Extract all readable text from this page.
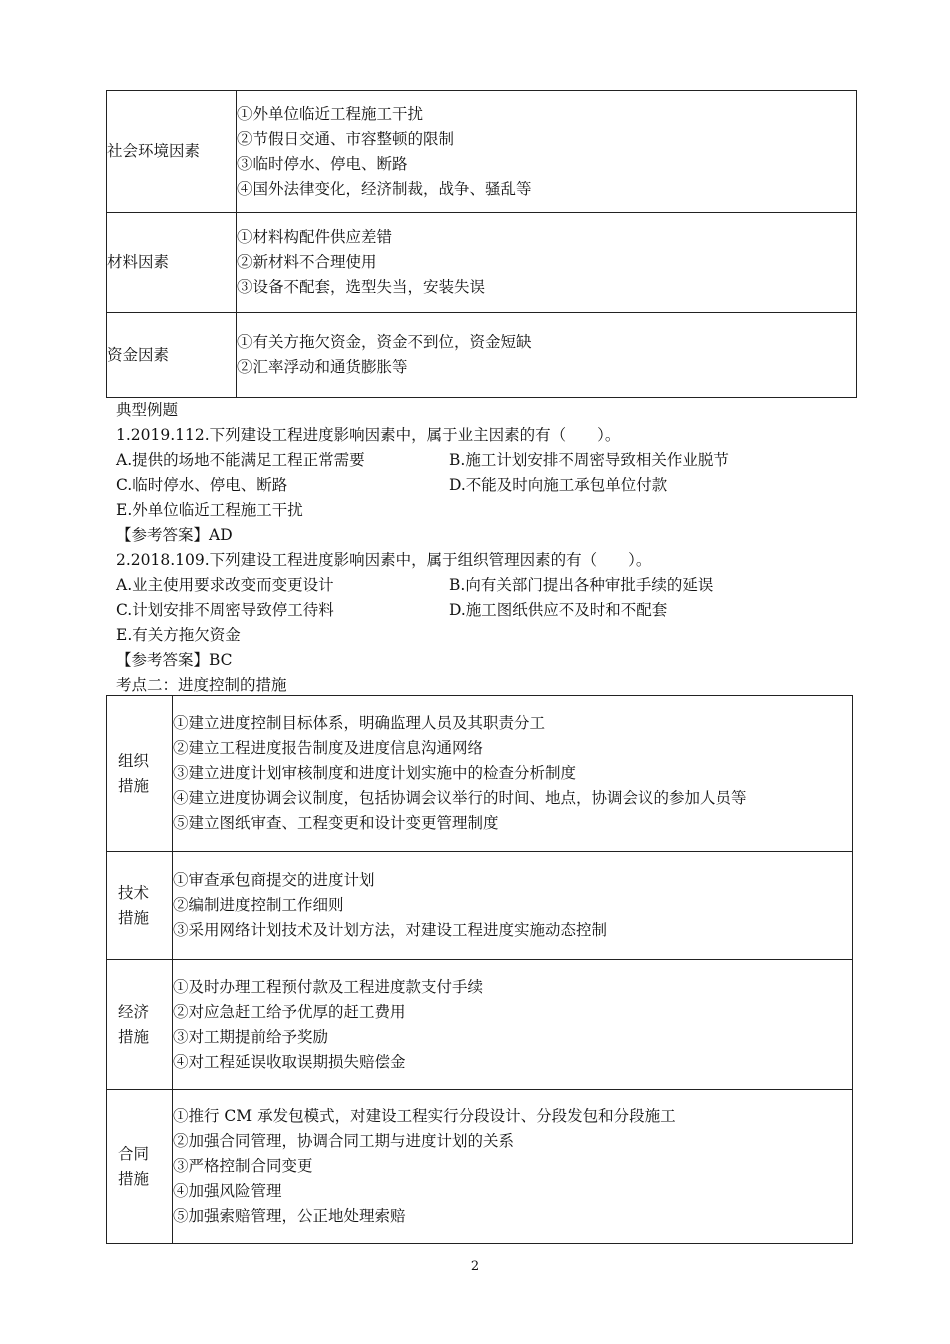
社会环境因素	①外单位临近工程施工干扰
②节假日交通、市容整顿的限制
③临时停水、停电、断路
④国外法律变化，经济制裁，战争、骚乱等

材料因素	①材料构配件供应差错
②新材料不合理使用
③设备不配套，选型失当，安装失误

资金因素	①有关方拖欠资金，资金不到位，资金短缺
②汇率浮动和通货膨胀等
典型例题
1.2019.112.下列建设工程进度影响因素中，属于业主因素的有（　　）。
A.提供的场地不能满足工程正常需要	B.施工计划安排不周密导致相关作业脱节
C.临时停水、停电、断路	D.不能及时向施工承包单位付款
E.外单位临近工程施工干扰
【参考答案】AD
2.2018.109.下列建设工程进度影响因素中，属于组织管理因素的有（　　）。
A.业主使用要求改变而变更设计	B.向有关部门提出各种审批手续的延误
C.计划安排不周密导致停工待料	D.施工图纸供应不及时和不配套
E.有关方拖欠资金
【参考答案】BC
考点二：进度控制的措施
组织
措施	①建立进度控制目标体系，明确监理人员及其职责分工
②建立工程进度报告制度及进度信息沟通网络
③建立进度计划审核制度和进度计划实施中的检查分析制度
④建立进度协调会议制度，包括协调会议举行的时间、地点，协调会议的参加人员等
⑤建立图纸审查、工程变更和设计变更管理制度

技术
措施	①审查承包商提交的进度计划
②编制进度控制工作细则
③采用网络计划技术及计划方法，对建设工程进度实施动态控制

经济
措施	①及时办理工程预付款及工程进度款支付手续
②对应急赶工给予优厚的赶工费用
③对工期提前给予奖励
④对工程延误收取误期损失赔偿金

合同
措施	①推行 CM 承发包模式，对建设工程实行分段设计、分段发包和分段施工
②加强合同管理，协调合同工期与进度计划的关系
③严格控制合同变更
④加强风险管理
⑤加强索赔管理，公正地处理索赔
2
